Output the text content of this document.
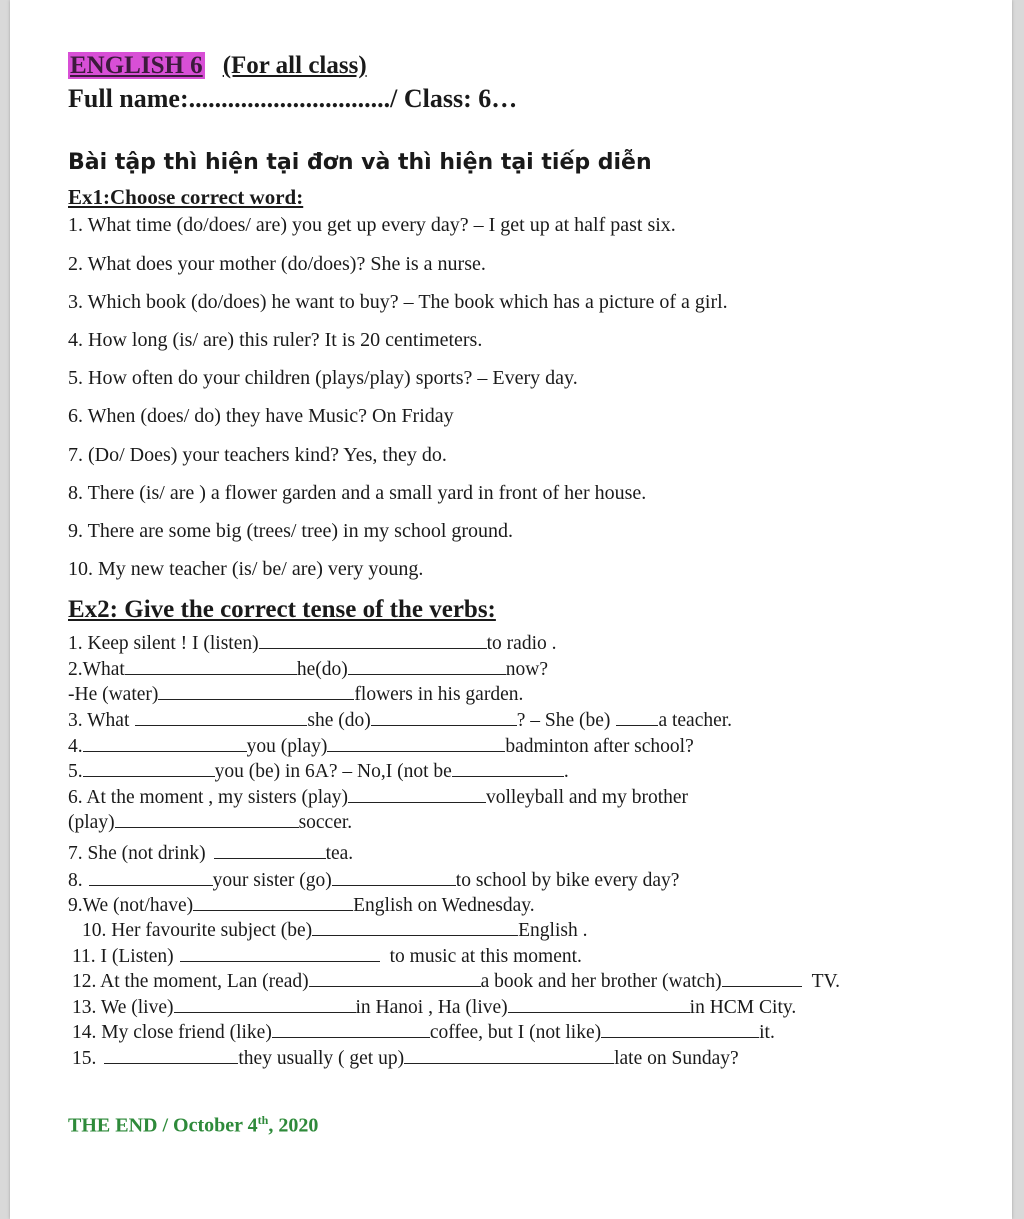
ENGLISH 6 (For all class)
Full name:.............................../ Class: 6…
Bài tập thì hiện tại đơn và thì hiện tại tiếp diễn
Ex1:Choose correct word:
1. What time (do/does/ are) you get up every day? – I get up at half past six.
2. What does your mother (do/does)? She is a nurse.
3. Which book (do/does) he want to buy? – The book which has a picture of a girl.
4. How long (is/ are) this ruler? It is 20 centimeters.
5. How often do your children (plays/play) sports? – Every day.
6. When (does/ do) they have Music? On Friday
7. (Do/ Does) your teachers kind? Yes, they do.
8. There (is/ are ) a flower garden and a small yard in front of her house.
9. There are some big (trees/ tree) in my school ground.
10. My new teacher (is/ be/ are) very young.
Ex2: Give the correct tense of the verbs:
1. Keep silent ! I (listen)	to radio .
2.What	he(do)	now?
-He (water)	flowers in his garden.
3. What	she (do)	? – She (be) a teacher.
4.	you (play)	badminton after school?
5.	you (be) in 6A? – No,I (not be	.
6. At the moment , my sisters (play)	volleyball and my brother
(play)	soccer.
7. She (not drink)	tea.
8.	your sister (go)	to school by bike every day?
9.We (not/have)	English on Wednesday.
10. Her favourite subject (be)	English .
11. I (Listen)	to music at this moment.
12. At the moment, Lan (read)	a book and her brother (watch)	TV.
13. We (live)	in Hanoi , Ha (live)	in HCM City.
14. My close friend (like)	coffee, but I (not like)	it.
15.	they usually ( get up)	late on Sunday?
THE END / October 4th, 2020
